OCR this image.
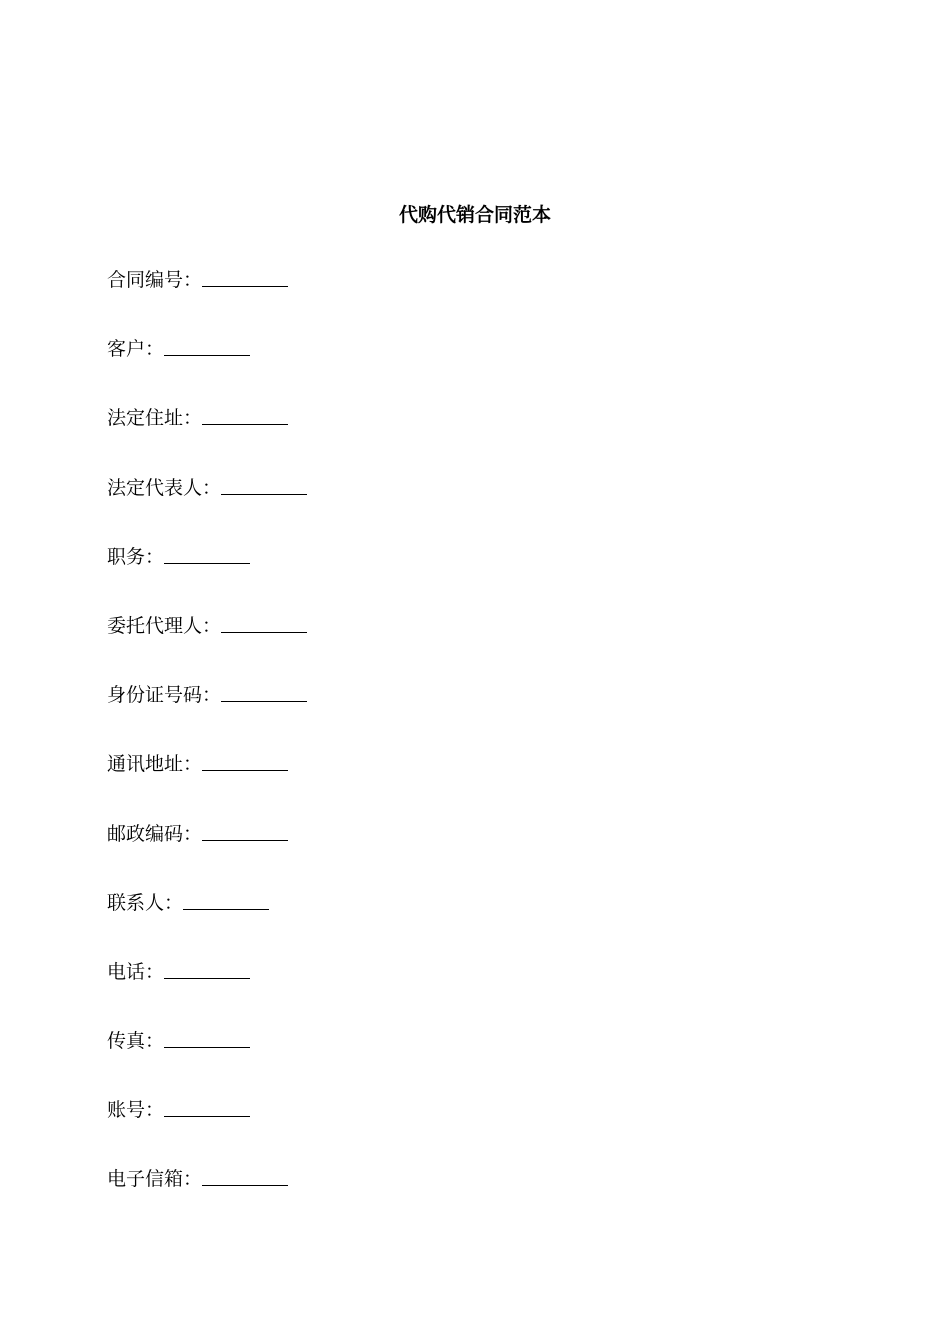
代购代销合同范本
合同编号：
客户：
法定住址：
法定代表人：
职务：
委托代理人：
身份证号码：
通讯地址：
邮政编码：
联系人：
电话：
传真：
账号：
电子信箱：
